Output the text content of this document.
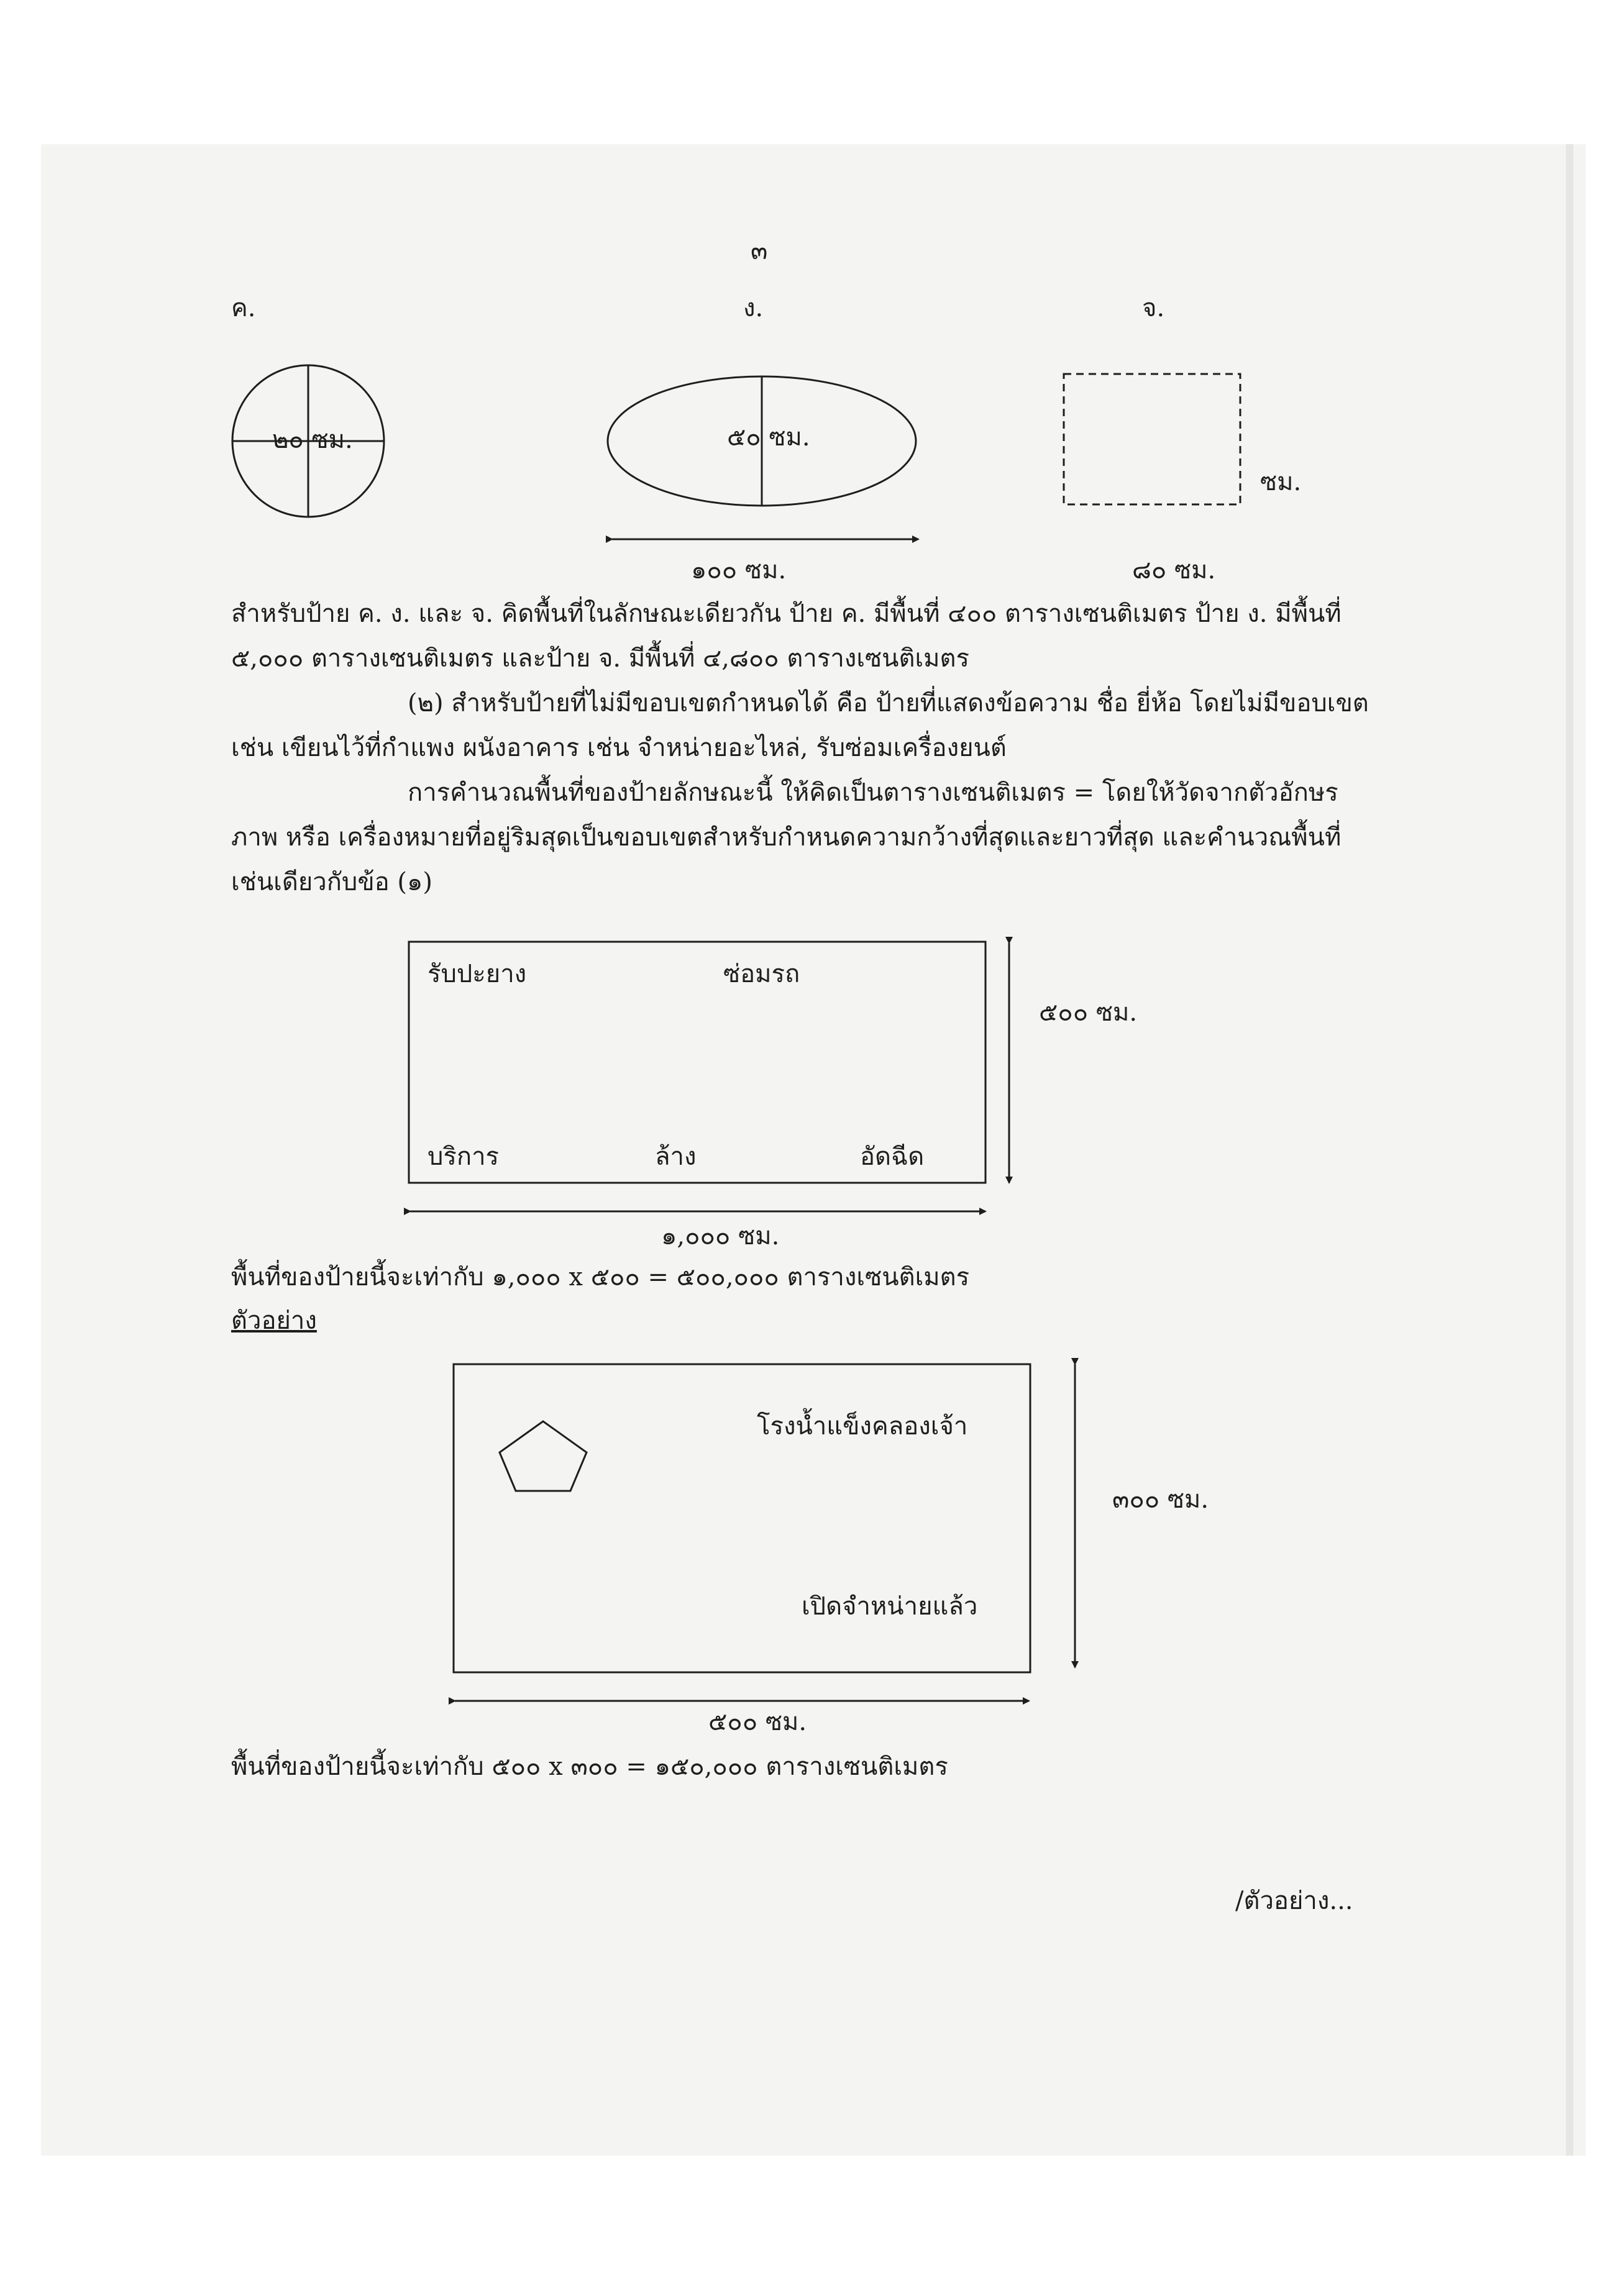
๓
ค.	ง.	จ.
๒๐ ซม.	๕๐ ซม.
๑๐๐ ซม.
ซม.
๘๐ ซม.
สำหรับป้าย ค. ง. และ จ. คิดพื้นที่ในลักษณะเดียวกัน ป้าย ค. มีพื้นที่ ๔๐๐ ตารางเซนติเมตร ป้าย ง. มีพื้นที่
๕,๐๐๐ ตารางเซนติเมตร และป้าย จ. มีพื้นที่ ๔,๘๐๐ ตารางเซนติเมตร
(๒) สำหรับป้ายที่ไม่มีขอบเขตกำหนดได้ คือ ป้ายที่แสดงข้อความ ชื่อ ยี่ห้อ โดยไม่มีขอบเขต
เช่น เขียนไว้ที่กำแพง ผนังอาคาร เช่น จำหน่ายอะไหล่, รับซ่อมเครื่องยนต์
การคำนวณพื้นที่ของป้ายลักษณะนี้ ให้คิดเป็นตารางเซนติเมตร = โดยให้วัดจากตัวอักษร
ภาพ หรือ เครื่องหมายที่อยู่ริมสุดเป็นขอบเขตสำหรับกำหนดความกว้างที่สุดและยาวที่สุด และคำนวณพื้นที่
เช่นเดียวกับข้อ (๑)
รับปะยาง	ซ่อมรถ
บริการ	ล้าง	อัดฉีด
๕๐๐ ซม.
๑,๐๐๐ ซม.
พื้นที่ของป้ายนี้จะเท่ากับ ๑,๐๐๐ x ๕๐๐ = ๕๐๐,๐๐๐ ตารางเซนติเมตร
ตัวอย่าง
โรงน้ำแข็งคลองเจ้า
เปิดจำหน่ายแล้ว
๓๐๐ ซม.
๕๐๐ ซม.
พื้นที่ของป้ายนี้จะเท่ากับ ๕๐๐ x ๓๐๐ = ๑๕๐,๐๐๐ ตารางเซนติเมตร
/ตัวอย่าง...
